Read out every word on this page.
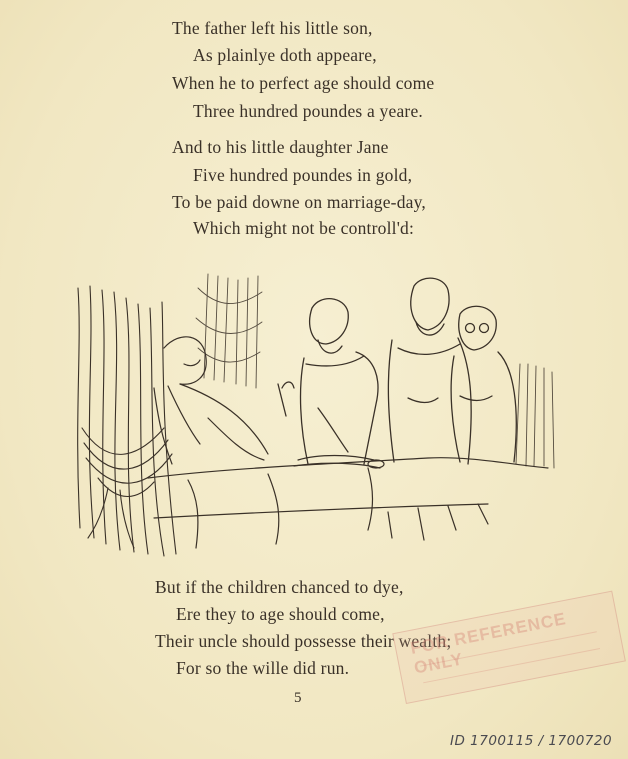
The father left his little son,
As plainlye doth appeare,
When he to perfect age should come
Three hundred poundes a yeare.
And to his little daughter Jane
Five hundred poundes in gold,
To be paid downe on marriage-day,
Which might not be controll'd:
But if the children chanced to dye,
Ere they to age should come,
Their uncle should possesse their wealth;
For so the wille did run.
5
FOR REFERENCE ONLY
ID 1700115 / 1700720
